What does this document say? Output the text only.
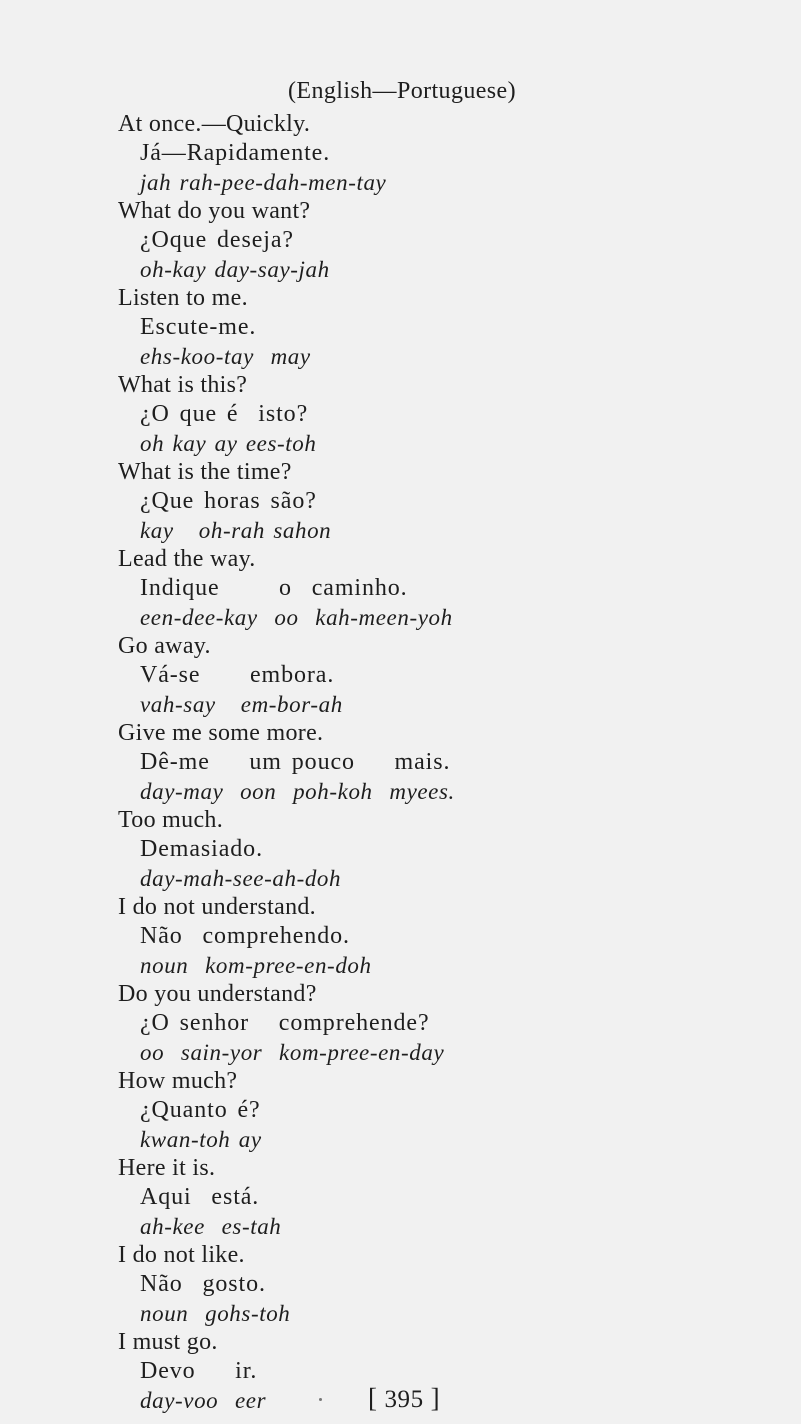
(English—Portuguese)
At once.—Quickly.
Já—Rapidamente.
jah rah-pee-dah-men-tay
What do you want?
¿Oque deseja?
oh-kay day-say-jah
Listen to me.
Escute-me.
ehs-koo-tay  may
What is this?
¿O que é  isto?
oh kay ay ees-toh
What is the time?
¿Que horas são?
kay   oh-rah sahon
Lead the way.
Indique      o  caminho.
een-dee-kay  oo  kah-meen-yoh
Go away.
Vá-se     embora.
vah-say   em-bor-ah
Give me some more.
Dê-me    um pouco    mais.
day-may  oon  poh-koh  myees.
Too much.
Demasiado.
day-mah-see-ah-doh
I do not understand.
Não  comprehendo.
noun  kom-pree-en-doh
Do you understand?
¿O senhor   comprehende?
oo  sain-yor  kom-pree-en-day
How much?
¿Quanto é?
kwan-toh ay
Here it is.
Aqui  está.
ah-kee  es-tah
I do not like.
Não  gosto.
noun  gohs-toh
I must go.
Devo    ir.
day-voo  eer	[ 395 ]
